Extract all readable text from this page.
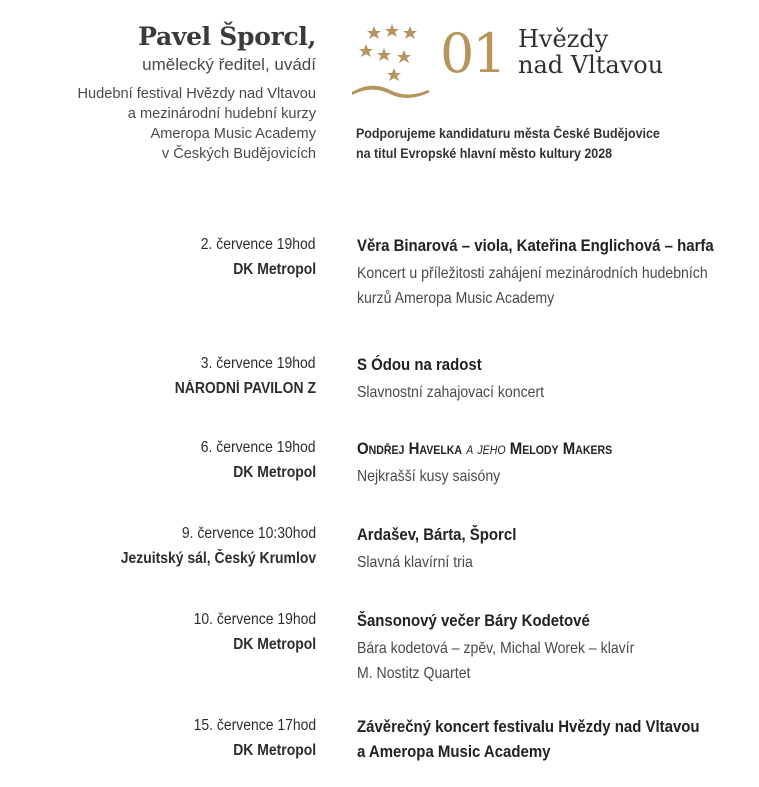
Pavel Šporcl,
umělecký ředitel, uvádí
Hudební festival Hvězdy nad Vltavou
a mezinárodní hudební kurzy
Ameropa Music Academy
v Českých Budějovicích
01 Hvězdy
nad Vltavou
Podporujeme kandidaturu města České Budějovice
na titul Evropské hlavní město kultury 2028
2. července 19hod
DK Metropol
Věra Binarová – viola, Kateřina Englichová – harfa
Koncert u příležitosti zahájení mezinárodních hudebních
kurzů Ameropa Music Academy
3. července 19hod
NÁRODNÍ PAVILON Z
S Ódou na radost
Slavnostní zahajovací koncert
6. července 19hod
DK Metropol
Ondřej Havelka a jeho Melody Makers
Nejkrašší kusy saisóny
9. července 10:30hod
Jezuitský sál, Český Krumlov
Ardašev, Bárta, Šporcl
Slavná klavírní tria
10. července 19hod
DK Metropol
Šansonový večer Báry Kodetové
Bára kodetová – zpěv, Michal Worek – klavír
M. Nostitz Quartet
15. července 17hod
DK Metropol
Závěrečný koncert festivalu Hvězdy nad Vltavou
a Ameropa Music Academy
